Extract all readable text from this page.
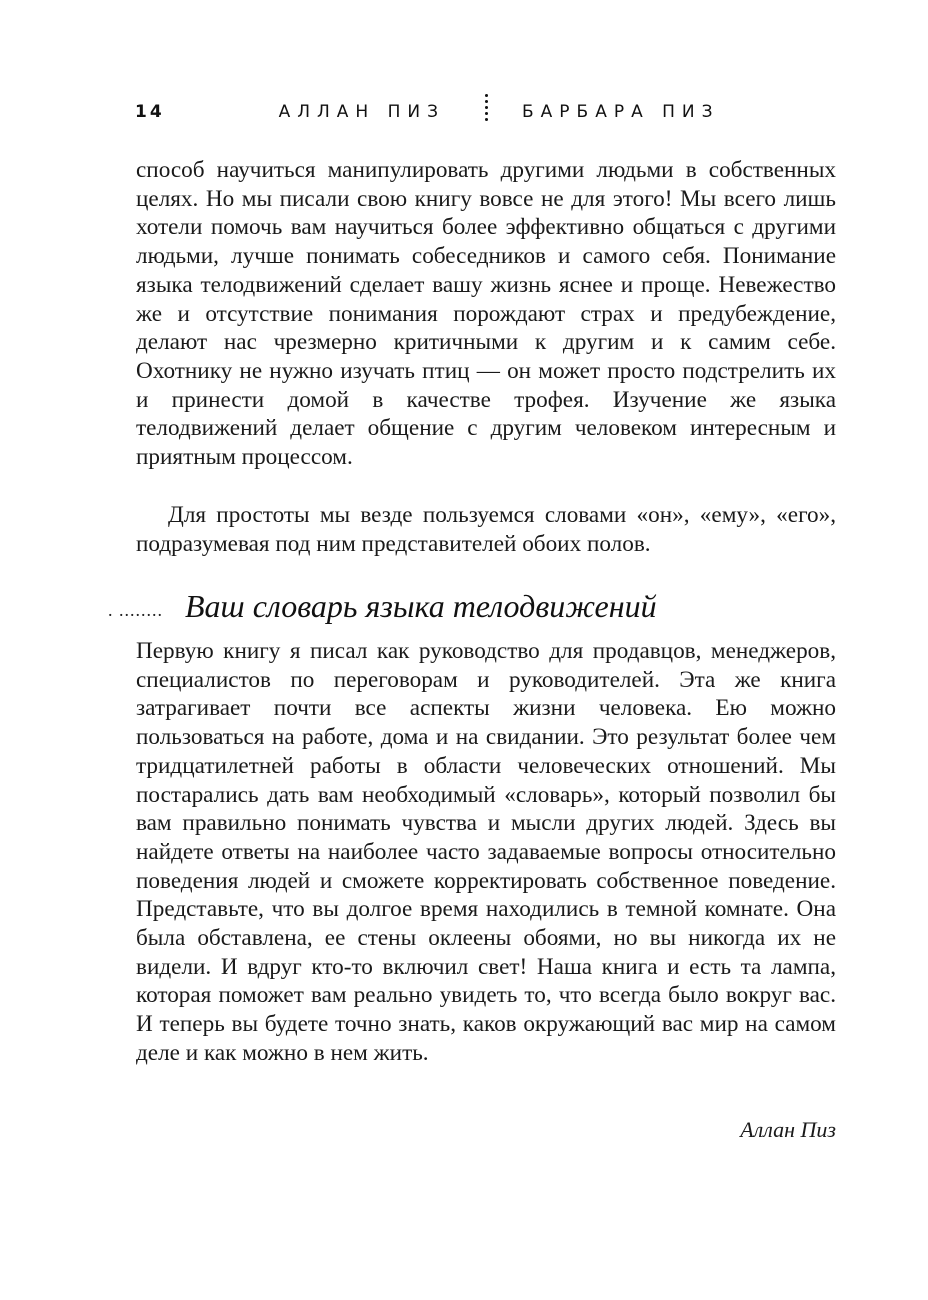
14	АЛЛАН ПИЗ	БАРБАРА ПИЗ

способ научиться манипулировать другими людьми в собственных целях. Но мы писали свою книгу вовсе не для этого! Мы всего лишь хотели помочь вам научиться более эффективно общаться с другими людьми, лучше понимать собеседников и самого себя. Понимание языка телодвижений сделает вашу жизнь яснее и проще. Невежество же и отсутствие понимания порождают страх и предубеждение, делают нас чрезмерно критичными к другим и к самим себе. Охотнику не нужно изучать птиц — он может просто подстрелить их и принести домой в качестве трофея. Изучение же языка телодвижений делает общение с другим человеком интересным и приятным процессом.

Для простоты мы везде пользуемся словами «он», «ему», «его», подразумевая под ним представителей обоих полов.

. ........ Ваш словарь языка телодвижений

Первую книгу я писал как руководство для продавцов, менеджеров, специалистов по переговорам и руководителей. Эта же книга затрагивает почти все аспекты жизни человека. Ею можно пользоваться на работе, дома и на свидании. Это результат более чем тридцатилетней работы в области человеческих отношений. Мы постарались дать вам необходимый «словарь», который позволил бы вам правильно понимать чувства и мысли других людей. Здесь вы найдете ответы на наиболее часто задаваемые вопросы относительно поведения людей и сможете корректировать собственное поведение. Представьте, что вы долгое время находились в темной комнате. Она была обставлена, ее стены оклеены обоями, но вы никогда их не видели. И вдруг кто-то включил свет! Наша книга и есть та лампа, которая поможет вам реально увидеть то, что всегда было вокруг вас. И теперь вы будете точно знать, каков окружающий вас мир на самом деле и как можно в нем жить.

Аллан Пиз
